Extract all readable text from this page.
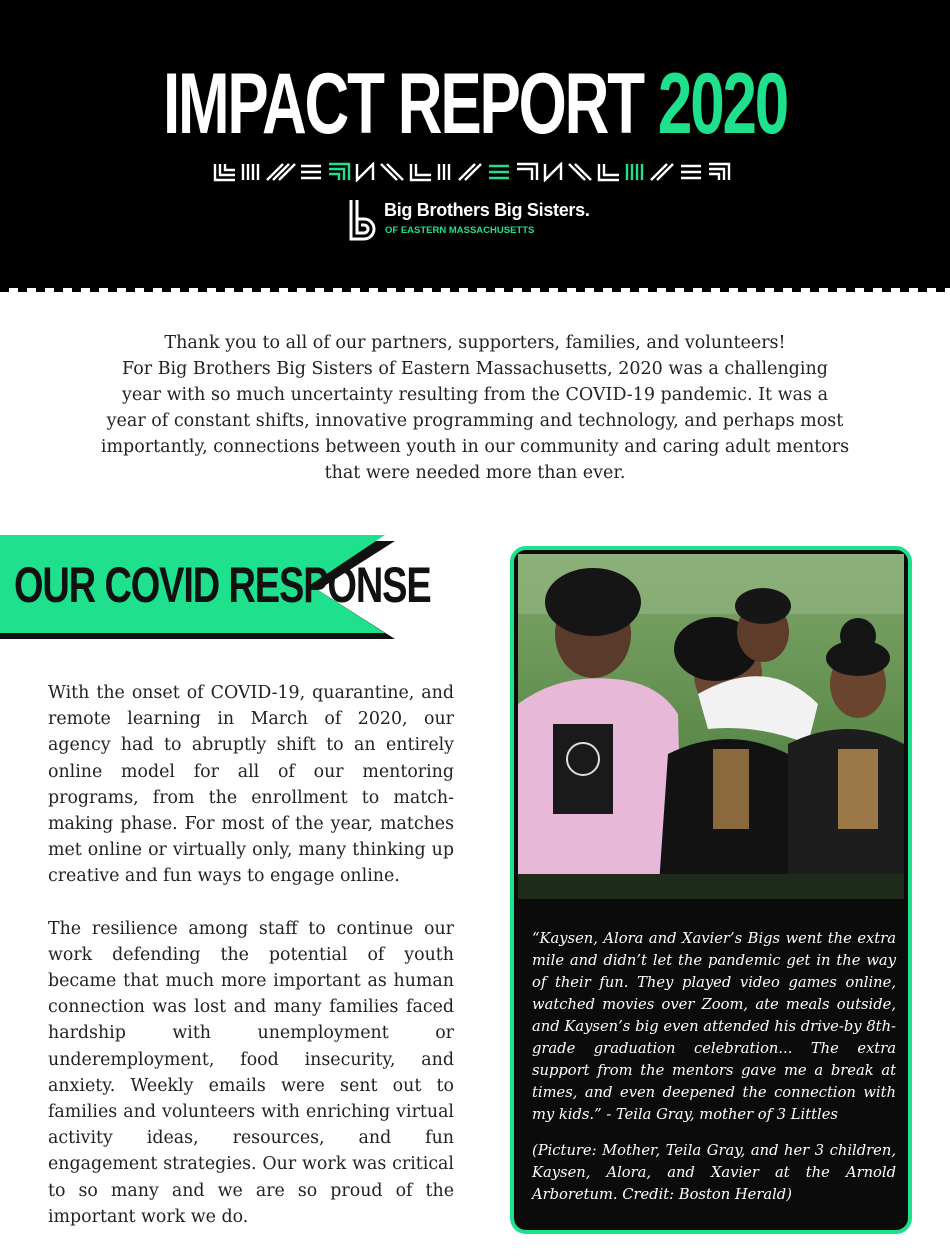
IMPACT REPORT 2020
Big Brothers Big Sisters.
OF EASTERN MASSACHUSETTS

Thank you to all of our partners, supporters, families, and volunteers!

For Big Brothers Big Sisters of Eastern Massachusetts, 2020 was a challenging

year with so much uncertainty resulting from the COVID-19 pandemic. It was a

year of constant shifts, innovative programming and technology, and perhaps most

importantly, connections between youth in our community and caring adult mentors

that were needed more than ever.

OUR COVID RESPONSE

With the onset of COVID-19, quarantine, and remote learning in March of 2020, our agency had to abruptly shift to an entirely online model for all of our mentoring programs, from the enrollment to match-making phase. For most of the year, matches met online or virtually only, many thinking up creative and fun ways to engage online.

The resilience among staff to continue our work defending the potential of youth became that much more important as human connection was lost and many families faced hardship with unemployment or underemployment, food insecurity, and anxiety. Weekly emails were sent out to families and volunteers with enriching virtual activity ideas, resources, and fun engagement strategies. Our work was critical to so many and we are so proud of the important work we do.

“Kaysen, Alora and Xavier’s Bigs went the extra mile and didn’t let the pandemic get in the way of their fun. They played video games online, watched movies over Zoom, ate meals outside, and Kaysen’s big even attended his drive-by 8th-grade graduation celebration... The extra support from the mentors gave me a break at times, and even deepened the connection with my kids.” - Teila Gray, mother of 3 Littles

(Picture: Mother, Teila Gray, and her 3 children, Kaysen, Alora, and Xavier at the Arnold Arboretum. Credit: Boston Herald)
